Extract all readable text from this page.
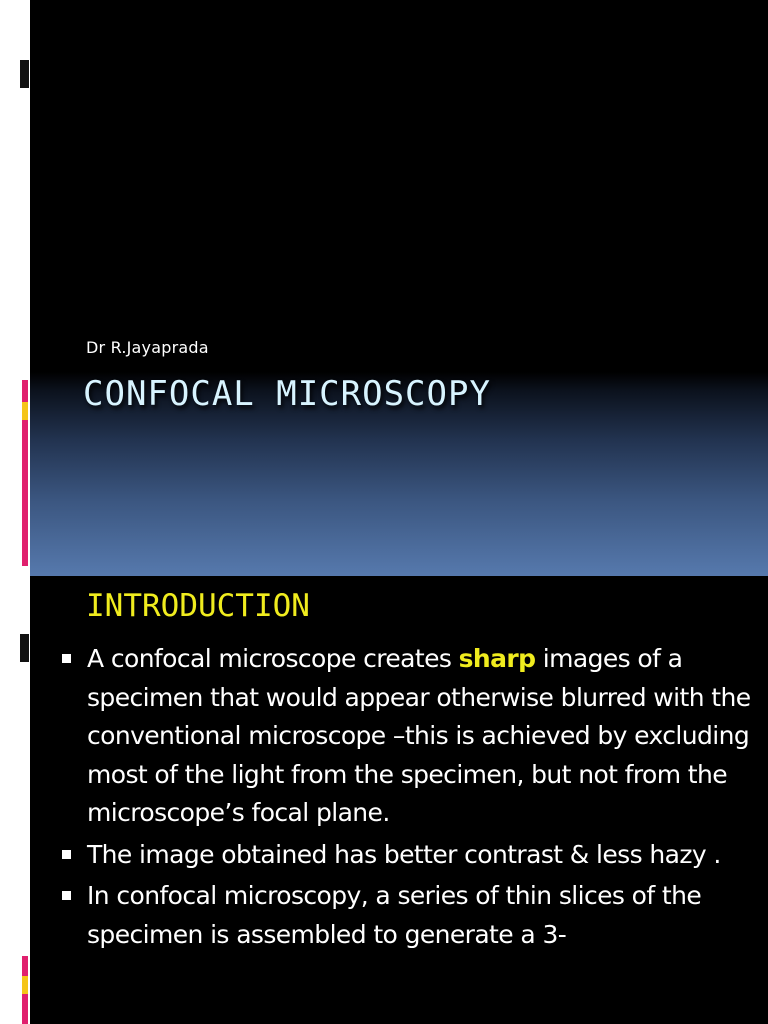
Dr R.Jayaprada
CONFOCAL MICROSCOPY
INTRODUCTION
A confocal microscope creates sharp images of a specimen that would appear otherwise blurred with the conventional microscope –this is achieved by excluding most of the light from the specimen, but not from the microscope’s focal plane.
The image obtained has better contrast & less hazy .
In confocal microscopy, a series of thin slices of the specimen is assembled to generate a 3-
